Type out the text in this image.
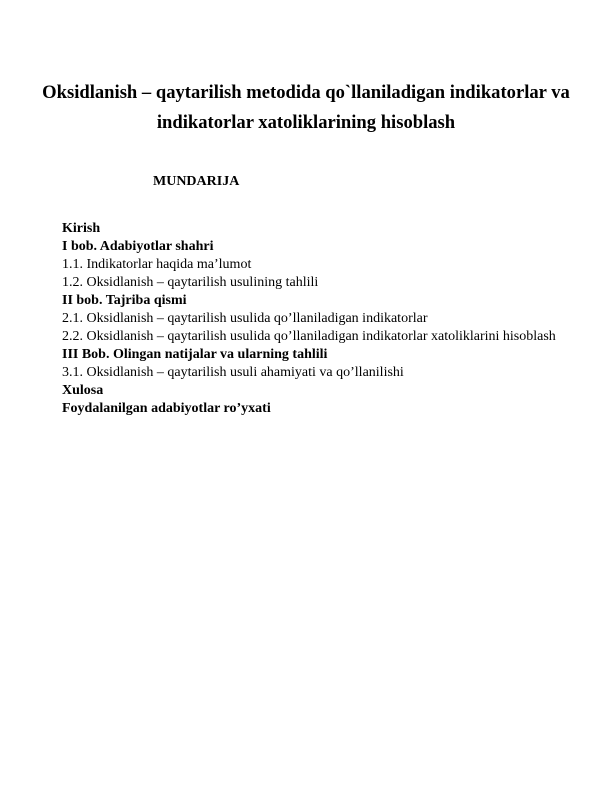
Oksidlanish – qaytarilish metodida qo`llaniladigan indikatorlar va indikatorlar xatoliklarining hisoblash
MUNDARIJA
Kirish
I bob. Adabiyotlar shahri
1.1. Indikatorlar haqida ma’lumot
1.2. Oksidlanish – qaytarilish usulining tahlili
II bob. Tajriba qismi
2.1. Oksidlanish – qaytarilish usulida qo’llaniladigan indikatorlar
2.2. Oksidlanish – qaytarilish usulida qo’llaniladigan indikatorlar xatoliklarini hisoblash
III Bob. Olingan natijalar va ularning tahlili
3.1. Oksidlanish – qaytarilish usuli ahamiyati va qo’llanilishi
Xulosa
Foydalanilgan adabiyotlar ro’yxati
